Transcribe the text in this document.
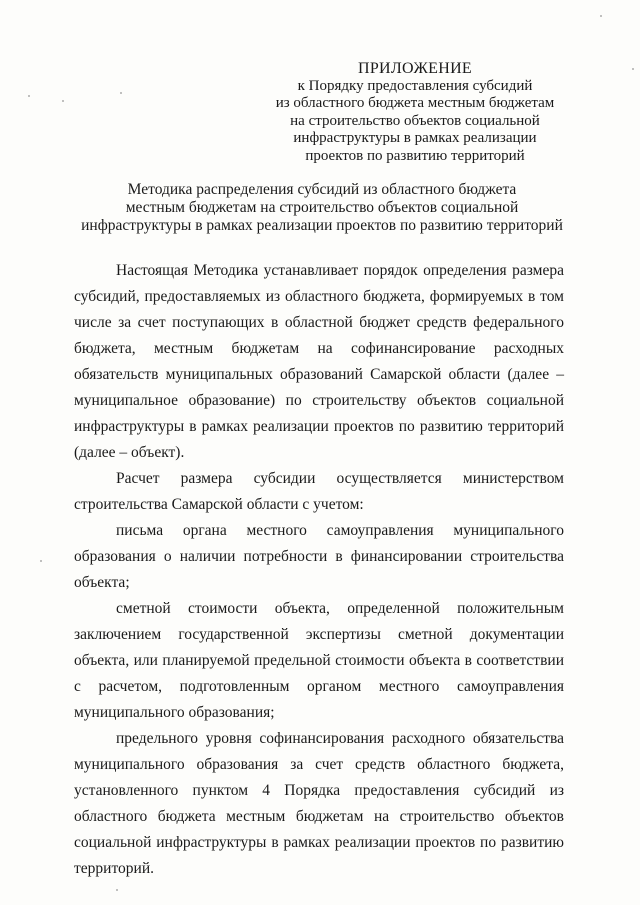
ПРИЛОЖЕНИЕ
к Порядку предоставления субсидий
из областного бюджета местным бюджетам
на строительство объектов социальной
инфраструктуры в рамках реализации
проектов по развитию территорий
Методика распределения субсидий из областного бюджета
местным бюджетам на строительство объектов социальной
инфраструктуры в рамках реализации проектов по развитию территорий

Настоящая Методика устанавливает порядок определения размера субсидий, предоставляемых из областного бюджета, формируемых в том числе за счет поступающих в областной бюджет средств федерального бюджета, местным бюджетам на софинансирование расходных обязательств муниципальных образований Самарской области (далее – муниципальное образование) по строительству объектов социальной инфраструктуры в рамках реализации проектов по развитию территорий (далее – объект).

Расчет размера субсидии осуществляется министерством строительства Самарской области с учетом:

письма органа местного самоуправления муниципального образования о наличии потребности в финансировании строительства объекта;

сметной стоимости объекта, определенной положительным заключением государственной экспертизы сметной документации объекта, или планируемой предельной стоимости объекта в соответствии с расчетом, подготовленным органом местного самоуправления муниципального образования;

предельного уровня софинансирования расходного обязательства муниципального образования за счет средств областного бюджета, установленного пунктом 4 Порядка предоставления субсидий из областного бюджета местным бюджетам на строительство объектов социальной инфраструктуры в рамках реализации проектов по развитию территорий.
